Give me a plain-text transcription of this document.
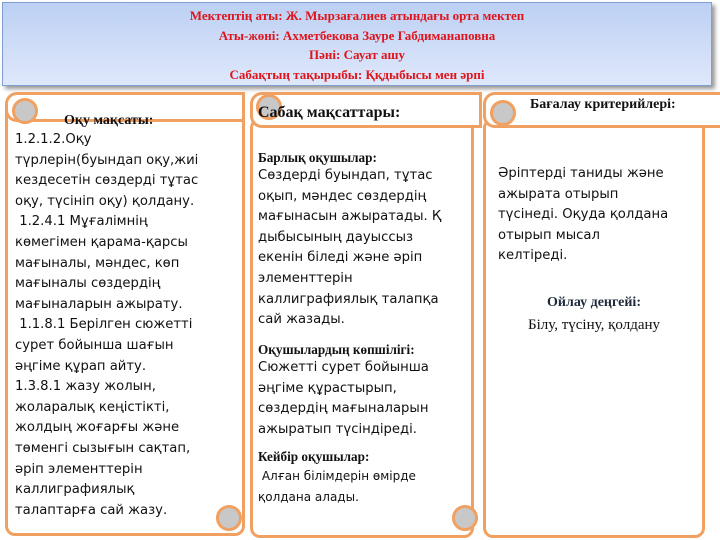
Мектептің аты: Ж. Мырзағалиев атындағы орта мектеп
Аты-жөні: Ахметбекова Зауре Габдиманаповна
Пәні: Сауат ашу
Сабақтың тақырыбы: Ққдыбысы мен әрпі
Оқу мақсаты:
1.2.1.2.Оқу
түрлерін(буындап оқу,жиі
кездесетін сөздерді тұтас
оқу, түсініп оқу) қолдану.
1.2.4.1 Мұғалімнің
көмегімен қарама-қарсы
мағыналы, мәндес, көп
мағыналы сөздердің
мағыналарын ажырату.
1.1.8.1 Берілген сюжетті
сурет бойынша шағын
әңгіме құрап айту.
1.3.8.1 жазу жолын,
жоларалық кеңістікті,
жолдың жоғарғы және
төменгі сызығын сақтап,
әріп элементтерін
каллиграфиялық
талаптарға сай жазу.
Сабақ мақсаттары:
Барлық оқушылар:
Сөздерді буындап, тұтас
оқып, мәндес сөздердің
мағынасын ажыратады. Қ
дыбысының дауыссыз
екенін біледі және әріп
элементтерін
каллиграфиялық талапқа
сай жазады.
Оқушылардың көпшілігі:
Сюжетті сурет бойынша
әңгіме құрастырып,
сөздердің мағыналарын
ажыратып түсіндіреді.
Кейбір оқушылар:
Алған білімдерін өмірде
қолдана алады.
Бағалау критерийлері:
Әріптерді таниды және
ажырата отырып
түсінеді. Оқуда қолдана
отырып мысал
келтіреді.
Ойлау деңгейі:
Білу, түсіну, қолдану
